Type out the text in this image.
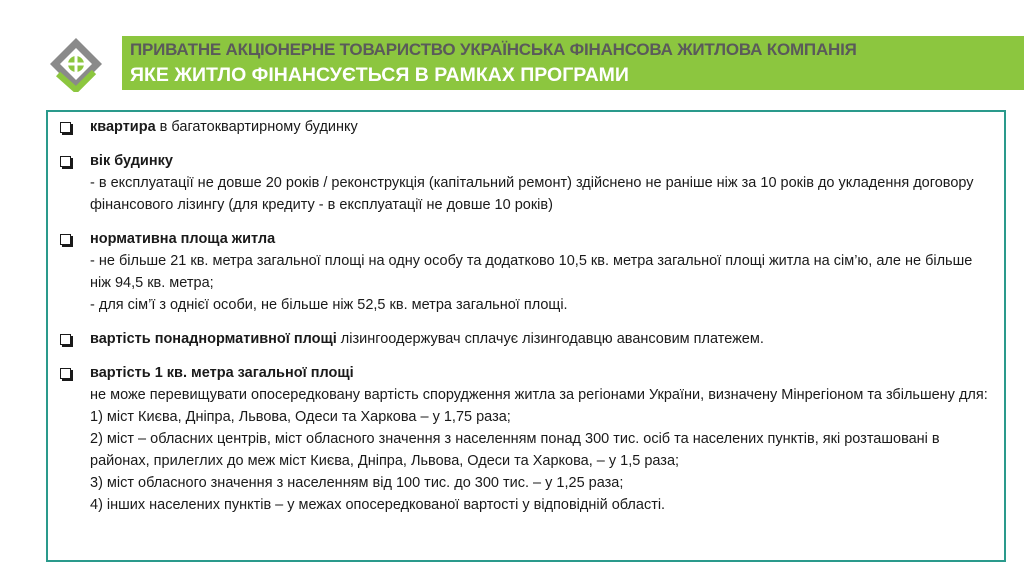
ПРИВАТНЕ АКЦІОНЕРНЕ ТОВАРИСТВО УКРАЇНСЬКА ФІНАНСОВА ЖИТЛОВА КОМПАНІЯ
ЯКЕ ЖИТЛО ФІНАНСУЄТЬСЯ В РАМКАХ ПРОГРАМИ
квартира в багатоквартирному будинку
вік будинку
- в експлуатації не довше 20 років / реконструкція (капітальний ремонт) здійснено не раніше ніж за 10 років до укладення договору фінансового лізингу (для кредиту - в експлуатації не довше 10 років)
нормативна площа житла
- не більше 21 кв. метра загальної площі на одну особу та додатково 10,5 кв. метра загальної площі житла на сім’ю, але не більше ніж 94,5 кв. метра;
- для сім’ї з однієї особи, не більше ніж 52,5 кв. метра загальної площі.
вартість понаднормативної площі лізингоодержувач сплачує лізингодавцю авансовим платежем.
вартість 1 кв. метра загальної площі
не може перевищувати опосередковану вартість спорудження житла за регіонами України, визначену Мінрегіоном та збільшену для:
1) міст Києва, Дніпра, Львова, Одеси та Харкова – у 1,75 раза;
2) міст – обласних центрів, міст обласного значення з населенням понад 300 тис. осіб та населених пунктів, які розташовані в районах, прилеглих до меж міст Києва, Дніпра, Львова, Одеси та Харкова, – у 1,5 раза;
3) міст обласного значення з населенням від 100 тис. до 300 тис. – у 1,25 раза;
4) інших населених пунктів – у межах опосередкованої вартості у відповідній області.
